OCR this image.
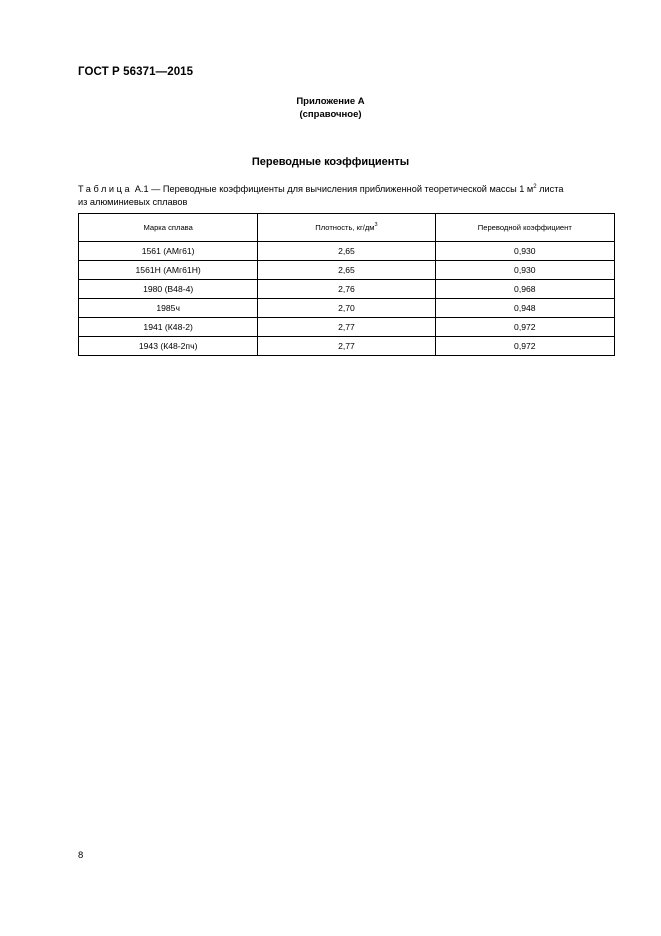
ГОСТ Р 56371—2015
Приложение А
(справочное)
Переводные коэффициенты
Таблица А.1 — Переводные коэффициенты для вычисления приближенной теоретической массы 1 $м^2$ листа
из алюминиевых сплавов
Марка сплава	Плотность, $кг/дм^3$	Переводной коэффициент
1561 (АМг61)	2,65	0,930
1561Н (АМг61Н)	2,65	0,930
1980 (В48-4)	2,76	0,968
1985ч	2,70	0,948
1941 (К48-2)	2,77	0,972
1943 (К48-2пч)	2,77	0,972
8
